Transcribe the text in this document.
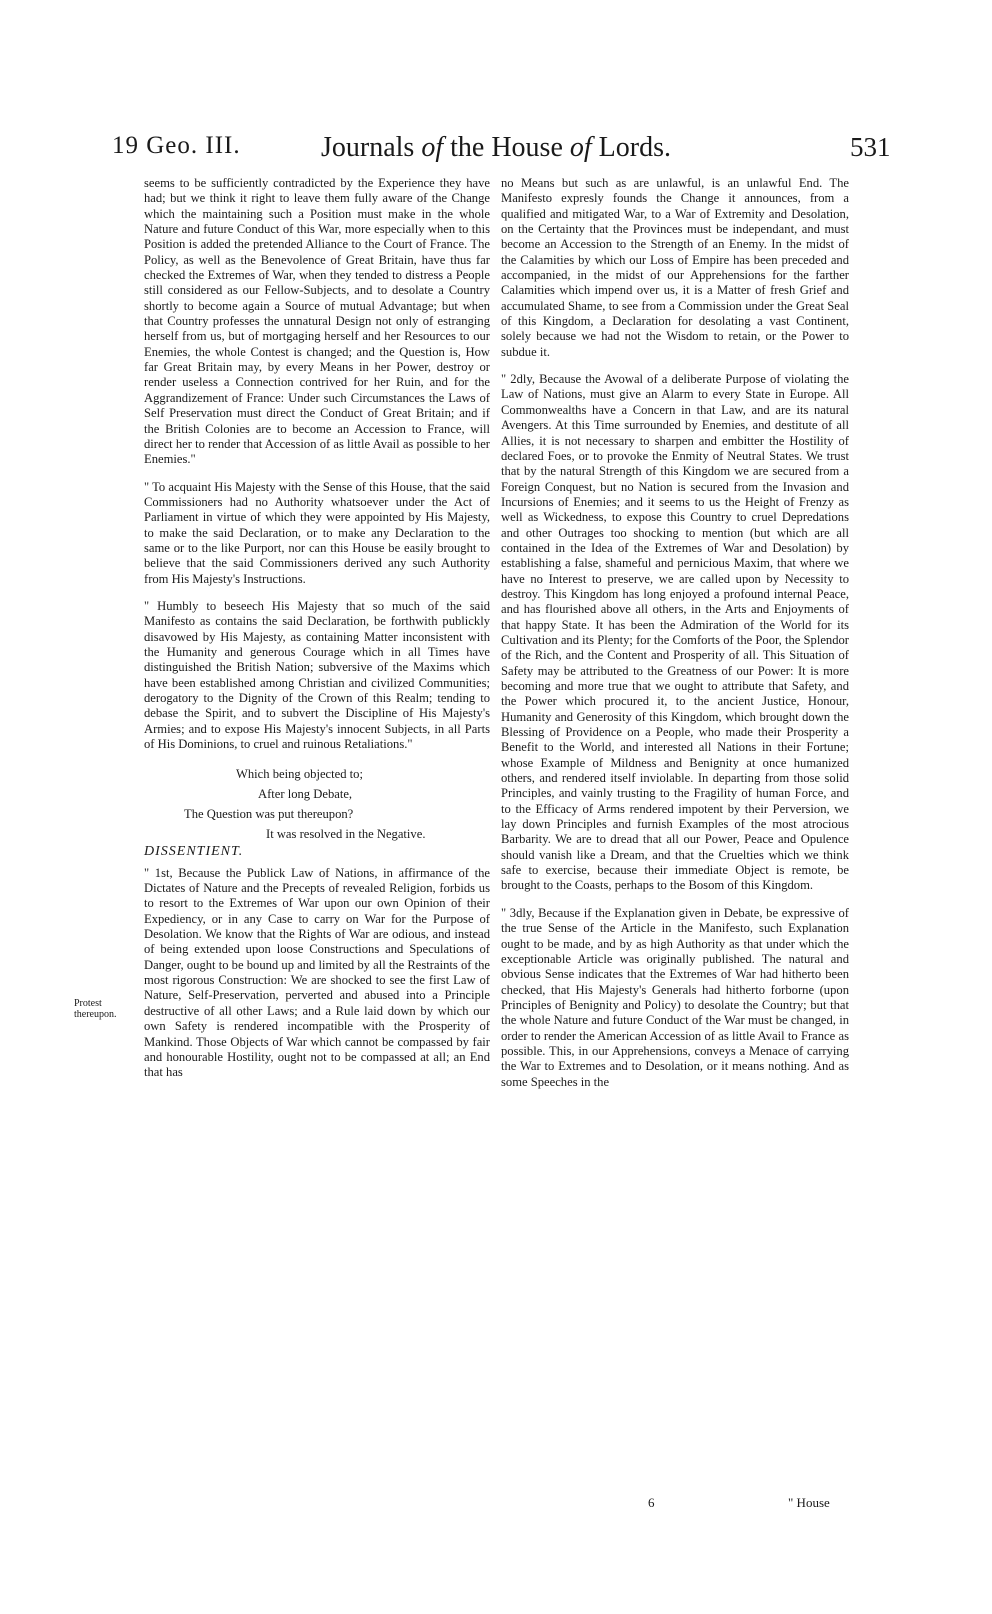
19 Geo. III.	Journals of the House of Lords.	531

seems to be sufficiently contradicted by the Experience they have had; but we think it right to leave them fully aware of the Change which the maintaining such a Position must make in the whole Nature and future Conduct of this War, more especially when to this Position is added the pretended Alliance to the Court of France. The Policy, as well as the Benevolence of Great Britain, have thus far checked the Extremes of War, when they tended to distress a People still considered as our Fellow-Subjects, and to desolate a Country shortly to become again a Source of mutual Advantage; but when that Country professes the unnatural Design not only of estranging herself from us, but of mortgaging herself and her Resources to our Enemies, the whole Contest is changed; and the Question is, How far Great Britain may, by every Means in her Power, destroy or render useless a Connection contrived for her Ruin, and for the Aggrandizement of France: Under such Circumstances the Laws of Self Preservation must direct the Conduct of Great Britain; and if the British Colonies are to become an Accession to France, will direct her to render that Accession of as little Avail as possible to her Enemies."

" To acquaint His Majesty with the Sense of this House, that the said Commissioners had no Authority whatsoever under the Act of Parliament in virtue of which they were appointed by His Majesty, to make the said Declaration, or to make any Declaration to the same or to the like Purport, nor can this House be easily brought to believe that the said Commissioners derived any such Authority from His Majesty's Instructions.

" Humbly to beseech His Majesty that so much of the said Manifesto as contains the said Declaration, be forthwith publickly disavowed by His Majesty, as containing Matter inconsistent with the Humanity and generous Courage which in all Times have distinguished the British Nation; subversive of the Maxims which have been established among Christian and civilized Communities; derogatory to the Dignity of the Crown of this Realm; tending to debase the Spirit, and to subvert the Discipline of His Majesty's Armies; and to expose His Majesty's innocent Subjects, in all Parts of His Dominions, to cruel and ruinous Retaliations."

Which being objected to;

After long Debate,

The Question was put thereupon?

It was resolved in the Negative.

DISSENTIENT.

" 1st, Because the Publick Law of Nations, in affirmance of the Dictates of Nature and the Precepts of revealed Religion, forbids us to resort to the Extremes of War upon our own Opinion of their Expediency, or in any Case to carry on War for the Purpose of Desolation. We know that the Rights of War are odious, and instead of being extended upon loose Constructions and Speculations of Danger, ought to be bound up and limited by all the Restraints of the most rigorous Construction: We are shocked to see the first Law of Nature, Self-Preservation, perverted and abused into a Principle destructive of all other Laws; and a Rule laid down by which our own Safety is rendered incompatible with the Prosperity of Mankind. Those Objects of War which cannot be compassed by fair and honourable Hostility, ought not to be compassed at all; an End that has

no Means but such as are unlawful, is an unlawful End. The Manifesto expresly founds the Change it announces, from a qualified and mitigated War, to a War of Extremity and Desolation, on the Certainty that the Provinces must be independant, and must become an Accession to the Strength of an Enemy. In the midst of the Calamities by which our Loss of Empire has been preceded and accompanied, in the midst of our Apprehensions for the farther Calamities which impend over us, it is a Matter of fresh Grief and accumulated Shame, to see from a Commission under the Great Seal of this Kingdom, a Declaration for desolating a vast Continent, solely because we had not the Wisdom to retain, or the Power to subdue it.

" 2dly, Because the Avowal of a deliberate Purpose of violating the Law of Nations, must give an Alarm to every State in Europe. All Commonwealths have a Concern in that Law, and are its natural Avengers. At this Time surrounded by Enemies, and destitute of all Allies, it is not necessary to sharpen and embitter the Hostility of declared Foes, or to provoke the Enmity of Neutral States. We trust that by the natural Strength of this Kingdom we are secured from a Foreign Conquest, but no Nation is secured from the Invasion and Incursions of Enemies; and it seems to us the Height of Frenzy as well as Wickedness, to expose this Country to cruel Depredations and other Outrages too shocking to mention (but which are all contained in the Idea of the Extremes of War and Desolation) by establishing a false, shameful and pernicious Maxim, that where we have no Interest to preserve, we are called upon by Necessity to destroy. This Kingdom has long enjoyed a profound internal Peace, and has flourished above all others, in the Arts and Enjoyments of that happy State. It has been the Admiration of the World for its Cultivation and its Plenty; for the Comforts of the Poor, the Splendor of the Rich, and the Content and Prosperity of all. This Situation of Safety may be attributed to the Greatness of our Power: It is more becoming and more true that we ought to attribute that Safety, and the Power which procured it, to the ancient Justice, Honour, Humanity and Generosity of this Kingdom, which brought down the Blessing of Providence on a People, who made their Prosperity a Benefit to the World, and interested all Nations in their Fortune; whose Example of Mildness and Benignity at once humanized others, and rendered itself inviolable. In departing from those solid Principles, and vainly trusting to the Fragility of human Force, and to the Efficacy of Arms rendered impotent by their Perversion, we lay down Principles and furnish Examples of the most atrocious Barbarity. We are to dread that all our Power, Peace and Opulence should vanish like a Dream, and that the Cruelties which we think safe to exercise, because their immediate Object is remote, be brought to the Coasts, perhaps to the Bosom of this Kingdom.

" 3dly, Because if the Explanation given in Debate, be expressive of the true Sense of the Article in the Manifesto, such Explanation ought to be made, and by as high Authority as that under which the exceptionable Article was originally published. The natural and obvious Sense indicates that the Extremes of War had hitherto been checked, that His Majesty's Generals had hitherto forborne (upon Principles of Benignity and Policy) to desolate the Country; but that the whole Nature and future Conduct of the War must be changed, in order to render the American Accession of as little Avail to France as possible. This, in our Apprehensions, conveys a Menace of carrying the War to Extremes and to Desolation, or it means nothing. And as some Speeches in the

Protest thereupon.
6	" House
